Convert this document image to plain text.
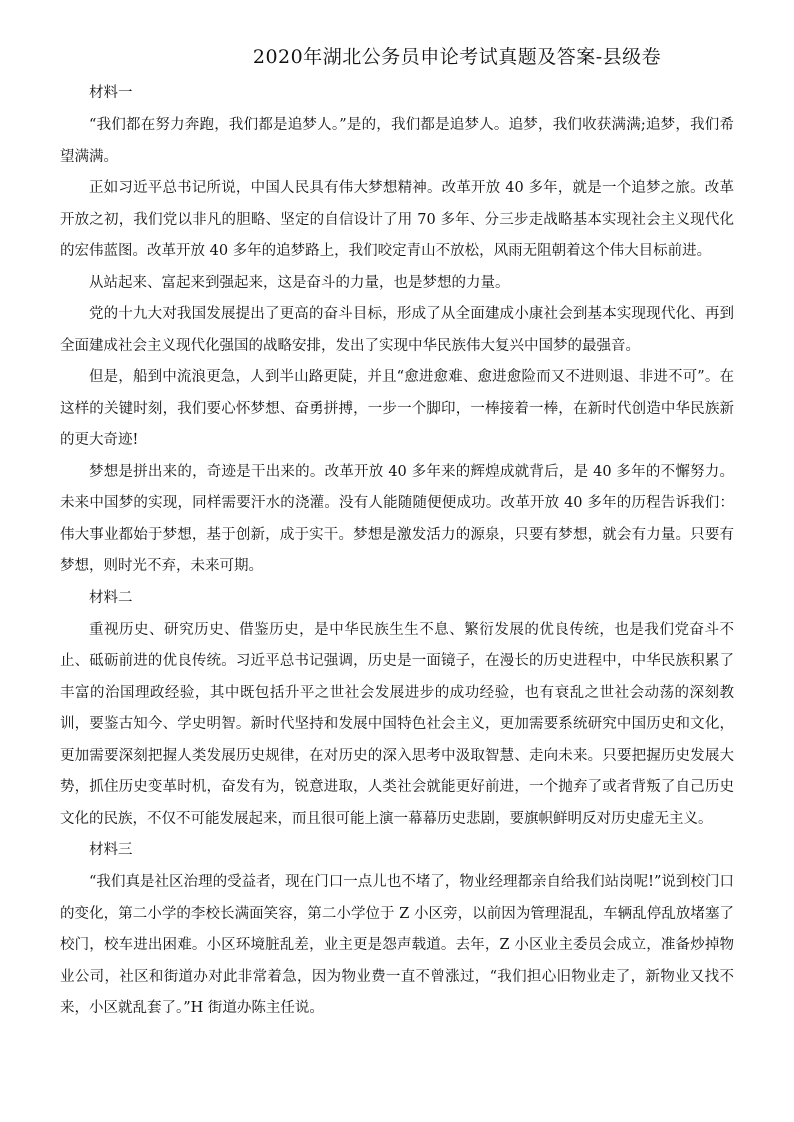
2020年湖北公务员申论考试真题及答案-县级卷
材料一

“我们都在努力奔跑，我们都是追梦人。”是的，我们都是追梦人。追梦，我们收获满满;追梦，我们希望满满。

正如习近平总书记所说，中国人民具有伟大梦想精神。改革开放 40 多年，就是一个追梦之旅。改革开放之初，我们党以非凡的胆略、坚定的自信设计了用 70 多年、分三步走战略基本实现社会主义现代化的宏伟蓝图。改革开放 40 多年的追梦路上，我们咬定青山不放松，风雨无阻朝着这个伟大目标前进。

从站起来、富起来到强起来，这是奋斗的力量，也是梦想的力量。

党的十九大对我国发展提出了更高的奋斗目标，形成了从全面建成小康社会到基本实现现代化、再到全面建成社会主义现代化强国的战略安排，发出了实现中华民族伟大复兴中国梦的最强音。

但是，船到中流浪更急，人到半山路更陡，并且“愈进愈难、愈进愈险而又不进则退、非进不可”。在这样的关键时刻，我们要心怀梦想、奋勇拼搏，一步一个脚印，一棒接着一棒，在新时代创造中华民族新的更大奇迹!

梦想是拼出来的，奇迹是干出来的。改革开放 40 多年来的辉煌成就背后，是 40 多年的不懈努力。未来中国梦的实现，同样需要汗水的浇灌。没有人能随随便便成功。改革开放 40 多年的历程告诉我们：伟大事业都始于梦想，基于创新，成于实干。梦想是激发活力的源泉，只要有梦想，就会有力量。只要有梦想，则时光不弃，未来可期。

材料二

重视历史、研究历史、借鉴历史，是中华民族生生不息、繁衍发展的优良传统，也是我们党奋斗不止、砥砺前进的优良传统。习近平总书记强调，历史是一面镜子，在漫长的历史进程中，中华民族积累了丰富的治国理政经验，其中既包括升平之世社会发展进步的成功经验，也有衰乱之世社会动荡的深刻教训，要鉴古知今、学史明智。新时代坚持和发展中国特色社会主义，更加需要系统研究中国历史和文化，更加需要深刻把握人类发展历史规律，在对历史的深入思考中汲取智慧、走向未来。只要把握历史发展大势，抓住历史变革时机，奋发有为，锐意进取，人类社会就能更好前进，一个抛弃了或者背叛了自己历史文化的民族，不仅不可能发展起来，而且很可能上演一幕幕历史悲剧，要旗帜鲜明反对历史虚无主义。

材料三

“我们真是社区治理的受益者，现在门口一点儿也不堵了，物业经理都亲自给我们站岗呢!”说到校门口的变化，第二小学的李校长满面笑容，第二小学位于 Z 小区旁，以前因为管理混乱，车辆乱停乱放堵塞了校门，校车进出困难。小区环境脏乱差，业主更是怨声载道。去年，Z 小区业主委员会成立，准备炒掉物业公司，社区和街道办对此非常着急，因为物业费一直不曾涨过，“我们担心旧物业走了，新物业又找不来，小区就乱套了。”H 街道办陈主任说。
